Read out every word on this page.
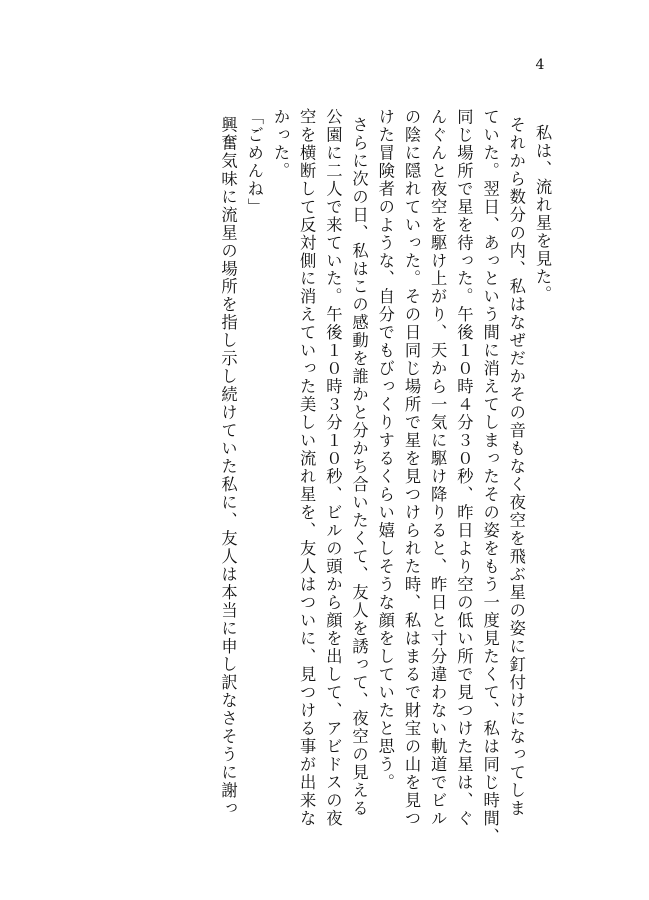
4
私は、流れ星を見た。
それから数分の内、私はなぜだかその音もなく夜空を飛ぶ星の姿に釘付けになってしま
ていた。翌日、あっという間に消えてしまったその姿をもう一度見たくて、私は同じ時間、
同じ場所で星を待った。午後１０時４分３０秒、昨日より空の低い所で見つけた星は、ぐ
んぐんと夜空を駆け上がり、天から一気に駆け降りると、昨日と寸分違わない軌道でビル
の陰に隠れていった。その日同じ場所で星を見つけられた時、私はまるで財宝の山を見つ
けた冒険者のような、自分でもびっくりするくらい嬉しそうな顔をしていたと思う。
さらに次の日、私はこの感動を誰かと分かち合いたくて、友人を誘って、夜空の見える
公園に二人で来ていた。午後１０時３分１０秒、ビルの頭から顔を出して、アビドスの夜
空を横断して反対側に消えていった美しい流れ星を、友人はついに、見つける事が出来な
かった。
「ごめんね」
興奮気味に流星の場所を指し示し続けていた私に、友人は本当に申し訳なさそうに謝っ
